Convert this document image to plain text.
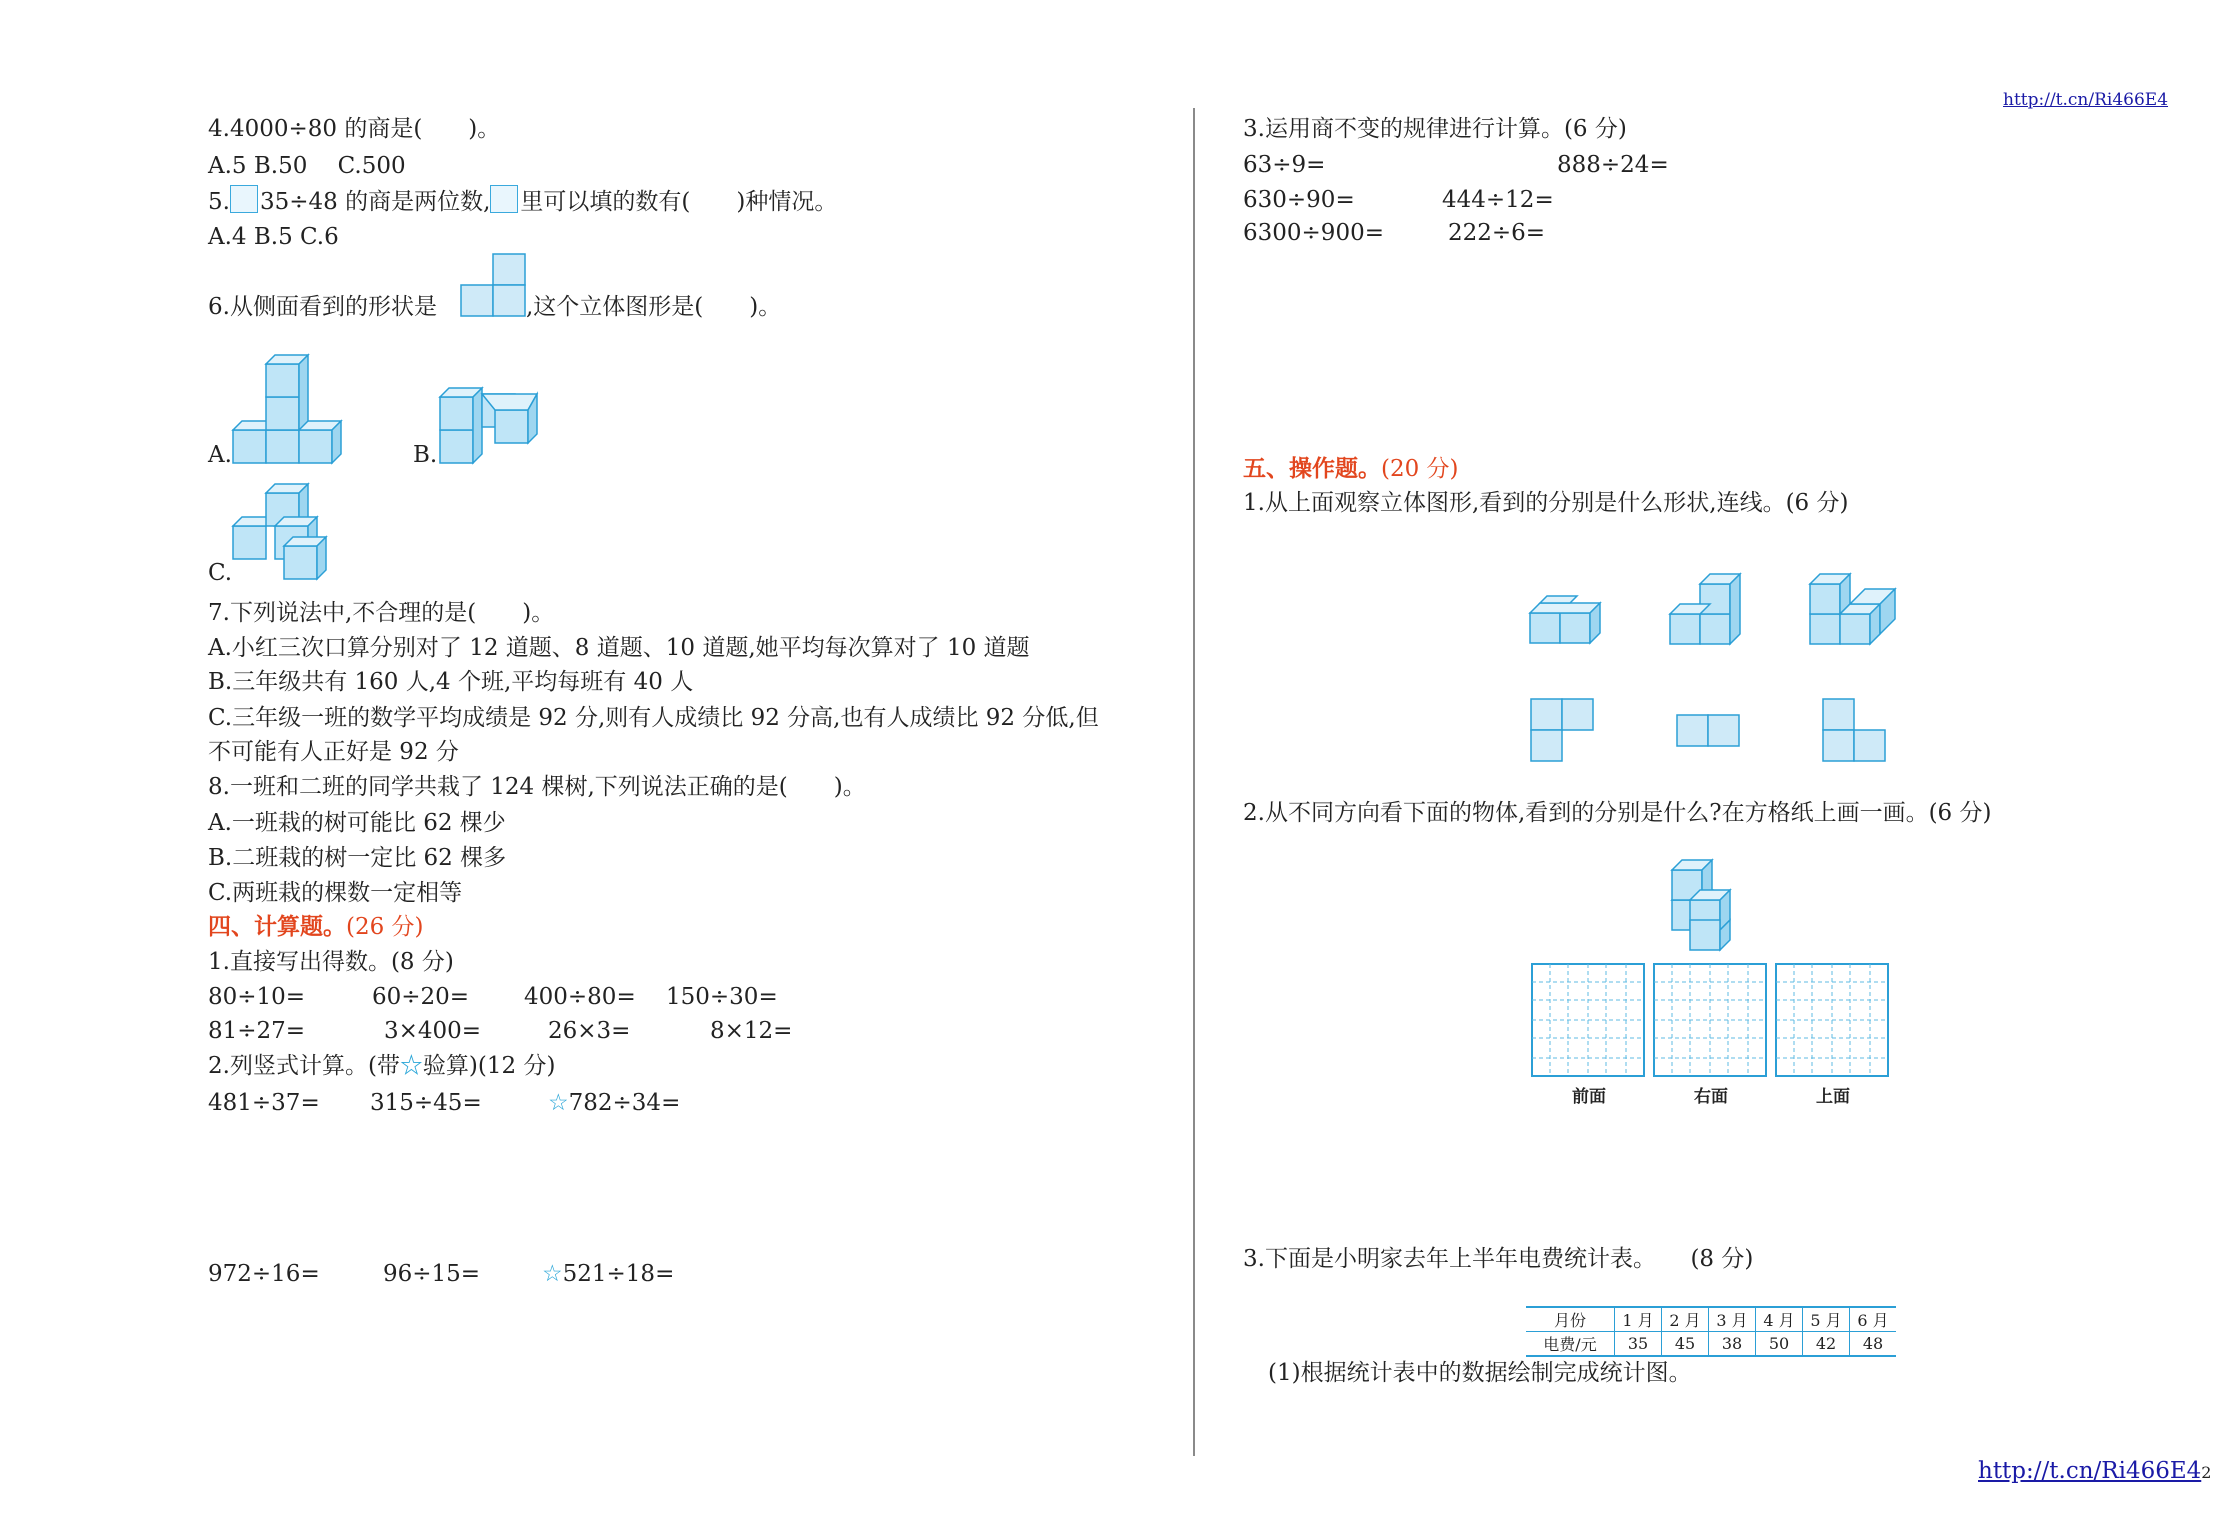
http://t.cn/Ri466E4
4.4000÷80 的商是(　　)。
A.5 B.50　 C.500
5. 35÷48 的商是两位数, 里可以填的数有(　　)种情况。
A.4 B.5 C.6
6.从侧面看到的形状是	,这个立体图形是(　　)。
A.	B.
C.
7.下列说法中,不合理的是(　　)。
A.小红三次口算分别对了 12 道题、8 道题、10 道题,她平均每次算对了 10 道题
B.三年级共有 160 人,4 个班,平均每班有 40 人
C.三年级一班的数学平均成绩是 92 分,则有人成绩比 92 分高,也有人成绩比 92 分低,但
不可能有人正好是 92 分
8.一班和二班的同学共栽了 124 棵树,下列说法正确的是(　　)。
A.一班栽的树可能比 62 棵少
B.二班栽的树一定比 62 棵多
C.两班栽的棵数一定相等
四、计算题。(26 分)
1.直接写出得数。(8 分)
80÷10=	60÷20= 400÷80= 150÷30=
81÷27=	3×400=	26×3=	8×12=
2.列竖式计算。(带☆验算)(12 分)
481÷37= 315÷45=	☆782÷34=
972÷16=	96÷15=	☆521÷18=
3.运用商不变的规律进行计算。(6 分)
63÷9=	888÷24=
630÷90=	444÷12=
6300÷900=	222÷6=
五、操作题。(20 分)
1.从上面观察立体图形,看到的分别是什么形状,连线。(6 分)
2.从不同方向看下面的物体,看到的分别是什么?在方格纸上画一画。(6 分)
前面	右面	上面
3.下面是小明家去年上半年电费统计表。　　(8 分)
月份	1 月	2 月	3 月	4 月	5 月	6 月
电费/元	35	45	38	50	42	48
(1)根据统计表中的数据绘制完成统计图。
http://t.cn/Ri466E42
